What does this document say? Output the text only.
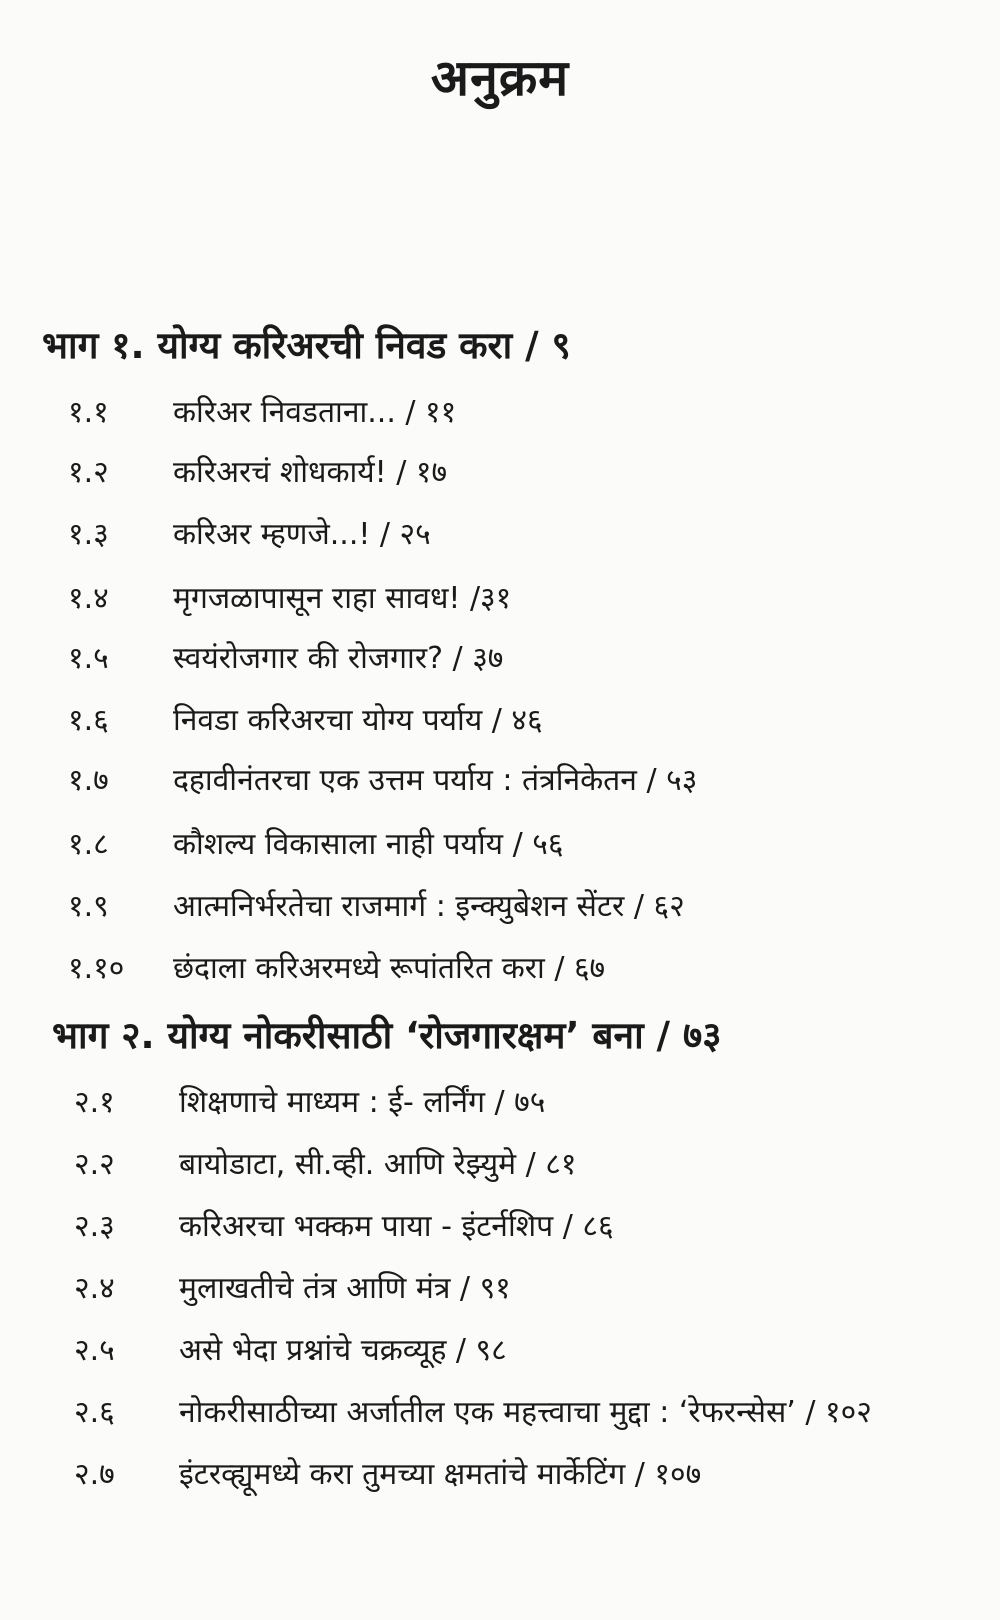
अनुक्रम
भाग १. योग्य करिअरची निवड करा / ९
१.१ करिअर निवडताना... / ११
१.२ करिअरचं शोधकार्य! / १७
१.३ करिअर म्हणजे...! / २५
१.४ मृगजळापासून राहा सावध! /३१
१.५ स्वयंरोजगार की रोजगार? / ३७
१.६ निवडा करिअरचा योग्य पर्याय / ४६
१.७ दहावीनंतरचा एक उत्तम पर्याय : तंत्रनिकेतन / ५३
१.८ कौशल्य विकासाला नाही पर्याय / ५६
१.९ आत्मनिर्भरतेचा राजमार्ग : इन्क्युबेशन सेंटर / ६२
१.१० छंदाला करिअरमध्ये रूपांतरित करा / ६७
भाग २. योग्य नोकरीसाठी ‘रोजगारक्षम’ बना / ७३
२.१ शिक्षणाचे माध्यम : ई- लर्निंग / ७५
२.२ बायोडाटा, सी.व्ही. आणि रेझ्युमे / ८१
२.३ करिअरचा भक्कम पाया - इंटर्नशिप / ८६
२.४ मुलाखतीचे तंत्र आणि मंत्र / ९१
२.५ असे भेदा प्रश्नांचे चक्रव्यूह / ९८
२.६ नोकरीसाठीच्या अर्जातील एक महत्त्वाचा मुद्दा : ‘रेफरन्सेस’ / १०२
२.७ इंटरव्ह्यूमध्ये करा तुमच्या क्षमतांचे मार्केटिंग / १०७
